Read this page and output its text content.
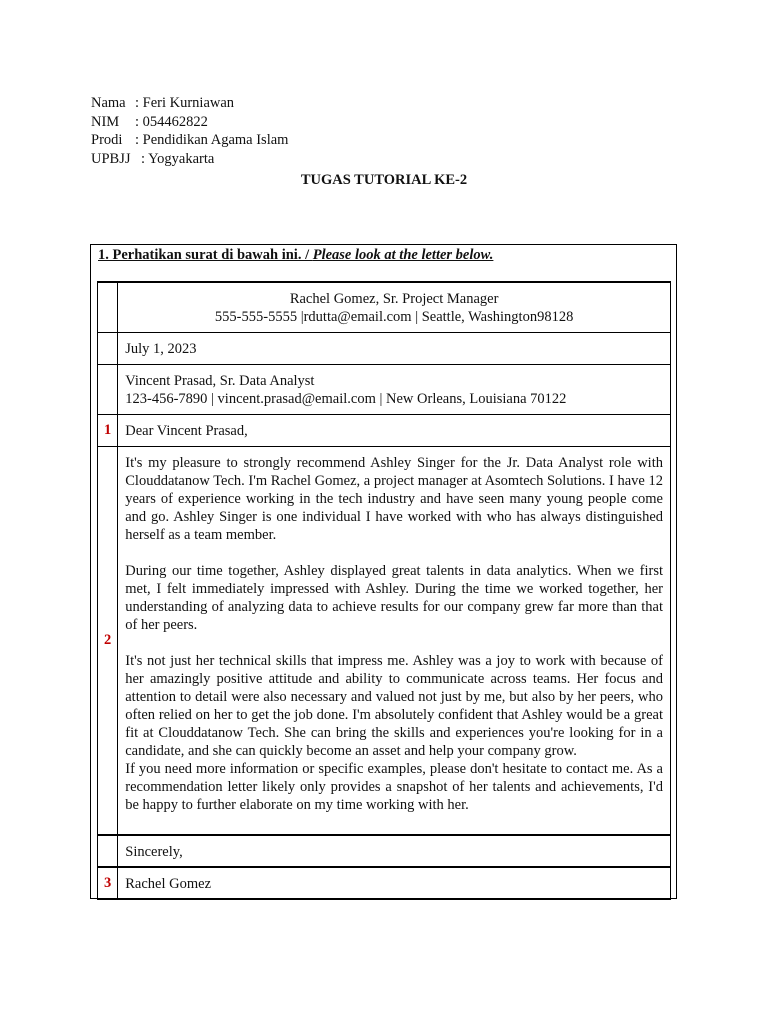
Nama : Feri Kurniawan
NIM	: 054462822
Prodi : Pendidikan Agama Islam
UPBJJ : Yogyakarta
TUGAS TUTORIAL KE-2
1. Perhatikan surat di bawah ini. / Please look at the letter below.

	Rachel Gomez, Sr. Project Manager

555-555-5555 |rdutta@email.com | Seattle, Washington98128

	July 1, 2023

	Vincent Prasad, Sr. Data Analyst

123-456-7890 | vincent.prasad@email.com | New Orleans, Louisiana 70122

1	Dear Vincent Prasad,
2	It's my pleasure to strongly recommend Ashley Singer for the Jr. Data Analyst role with Clouddatanow Tech. I'm Rachel Gomez, a project manager at Asomtech Solutions. I have 12 years of experience working in the tech industry and have seen many young people come and go. Ashley Singer is one individual I have worked with who has always distinguished herself as a team member.

During our time together, Ashley displayed great talents in data analytics. When we first met, I felt immediately impressed with Ashley. During the time we worked together, her understanding of analyzing data to achieve results for our company grew far more than that of her peers.

It's not just her technical skills that impress me. Ashley was a joy to work with because of her amazingly positive attitude and ability to communicate across teams. Her focus and attention to detail were also necessary and valued not just by me, but also by her peers, who often relied on her to get the job done. I'm absolutely confident that Ashley would be a great fit at Clouddatanow Tech. She can bring the skills and experiences you're looking for in a candidate, and she can quickly become an asset and help your company grow.

If you need more information or specific examples, please don't hesitate to contact me. As a recommendation letter likely only provides a snapshot of her talents and achievements, I'd be happy to further elaborate on my time working with her.

	Sincerely,
3	Rachel Gomez
